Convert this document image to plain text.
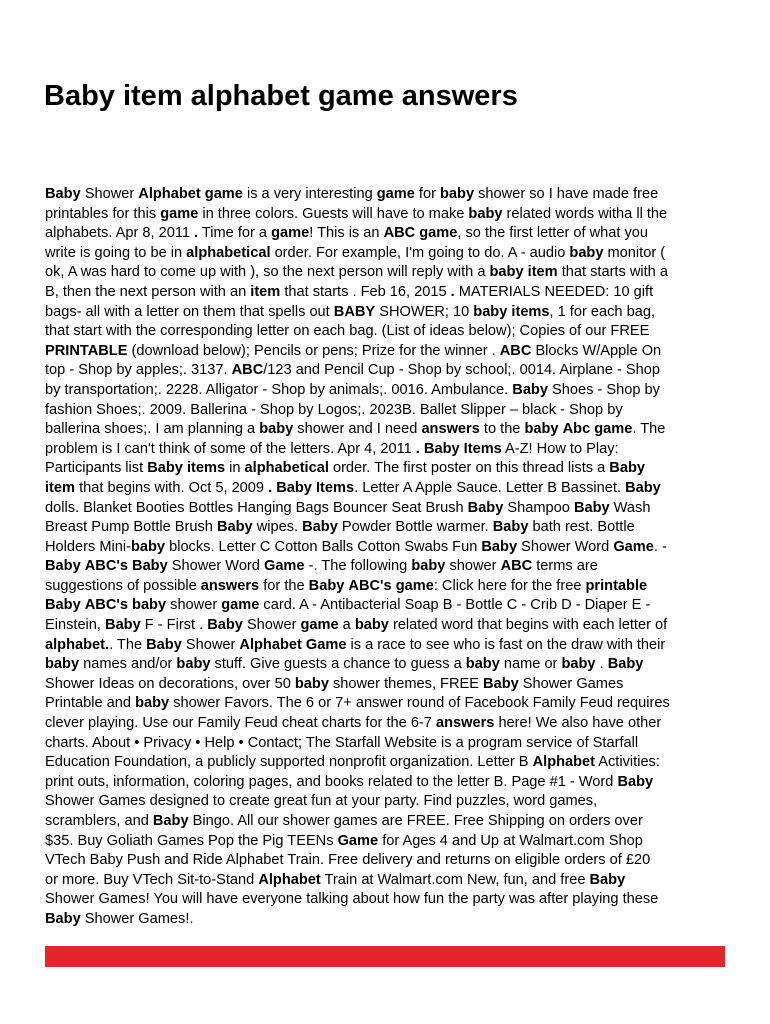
Baby item alphabet game answers
Baby Shower Alphabet game is a very interesting game for baby shower so I have made free
printables for this game in three colors. Guests will have to make baby related words witha ll the
alphabets. Apr 8, 2011 . Time for a game! This is an ABC game, so the first letter of what you
write is going to be in alphabetical order. For example, I'm going to do. A - audio baby monitor (
ok, A was hard to come up with ), so the next person will reply with a baby item that starts with a
B, then the next person with an item that starts . Feb 16, 2015 . MATERIALS NEEDED: 10 gift
bags- all with a letter on them that spells out BABY SHOWER; 10 baby items, 1 for each bag,
that start with the corresponding letter on each bag. (List of ideas below); Copies of our FREE
PRINTABLE (download below); Pencils or pens; Prize for the winner . ABC Blocks W/Apple On
top - Shop by apples;. 3137. ABC/123 and Pencil Cup - Shop by school;. 0014. Airplane - Shop
by transportation;. 2228. Alligator - Shop by animals;. 0016. Ambulance. Baby Shoes - Shop by
fashion Shoes;. 2009. Ballerina - Shop by Logos;. 2023B. Ballet Slipper – black - Shop by
ballerina shoes;. I am planning a baby shower and I need answers to the baby Abc game. The
problem is I can't think of some of the letters. Apr 4, 2011 . Baby Items A-Z! How to Play:
Participants list Baby items in alphabetical order. The first poster on this thread lists a Baby
item that begins with. Oct 5, 2009 . Baby Items. Letter A Apple Sauce. Letter B Bassinet. Baby
dolls. Blanket Booties Bottles Hanging Bags Bouncer Seat Brush Baby Shampoo Baby Wash
Breast Pump Bottle Brush Baby wipes. Baby Powder Bottle warmer. Baby bath rest. Bottle
Holders Mini-baby blocks. Letter C Cotton Balls Cotton Swabs Fun Baby Shower Word Game. -
Baby ABC's Baby Shower Word Game -. The following baby shower ABC terms are
suggestions of possible answers for the Baby ABC's game: Click here for the free printable
Baby ABC's baby shower game card. A - Antibacterial Soap B - Bottle C - Crib D - Diaper E -
Einstein, Baby F - First . Baby Shower game a baby related word that begins with each letter of
alphabet.. The Baby Shower Alphabet Game is a race to see who is fast on the draw with their
baby names and/or baby stuff. Give guests a chance to guess a baby name or baby . Baby
Shower Ideas on decorations, over 50 baby shower themes, FREE Baby Shower Games
Printable and baby shower Favors. The 6 or 7+ answer round of Facebook Family Feud requires
clever playing. Use our Family Feud cheat charts for the 6-7 answers here! We also have other
charts. About • Privacy • Help • Contact; The Starfall Website is a program service of Starfall
Education Foundation, a publicly supported nonprofit organization. Letter B Alphabet Activities:
print outs, information, coloring pages, and books related to the letter B. Page #1 - Word Baby
Shower Games designed to create great fun at your party. Find puzzles, word games,
scramblers, and Baby Bingo. All our shower games are FREE. Free Shipping on orders over
$35. Buy Goliath Games Pop the Pig TEENs Game for Ages 4 and Up at Walmart.com Shop
VTech Baby Push and Ride Alphabet Train. Free delivery and returns on eligible orders of £20
or more. Buy VTech Sit-to-Stand Alphabet Train at Walmart.com New, fun, and free Baby
Shower Games! You will have everyone talking about how fun the party was after playing these
Baby Shower Games!.
